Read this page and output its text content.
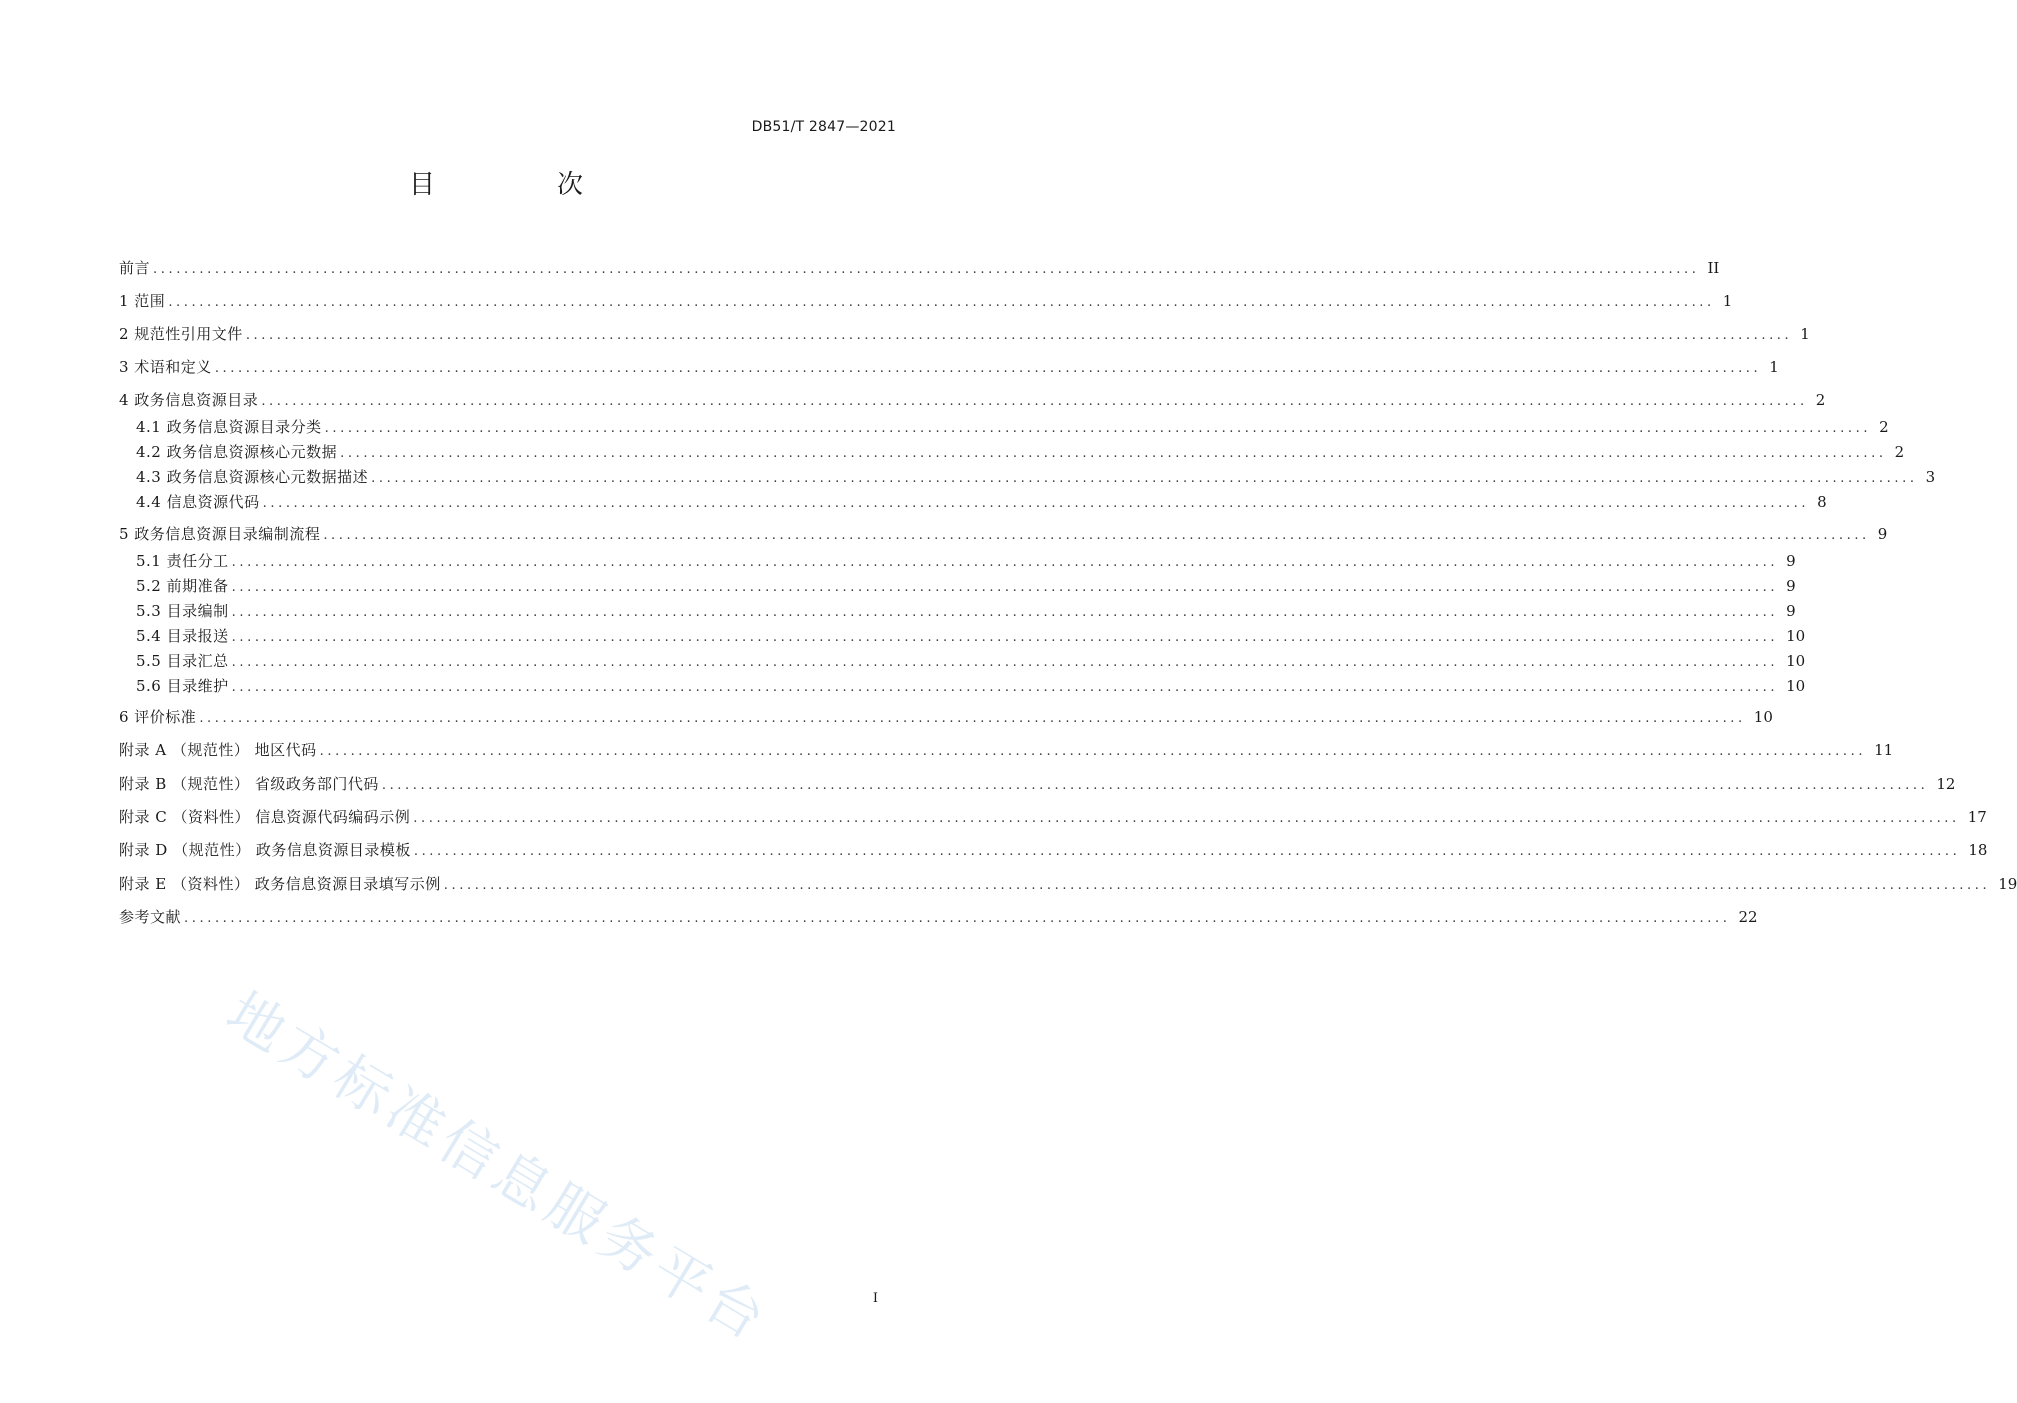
DB51/T 2847—2021
目　次
前言 ........................................................................................................................................................................................................ II
1 范围 ........................................................................................................................................................................................................ 1
2 规范性引用文件 ........................................................................................................................................................................................................ 1
3 术语和定义 ........................................................................................................................................................................................................ 1
4 政务信息资源目录 ........................................................................................................................................................................................................ 2
4.1 政务信息资源目录分类 ........................................................................................................................................................................................................ 2
4.2 政务信息资源核心元数据 ........................................................................................................................................................................................................ 2
4.3 政务信息资源核心元数据描述 ........................................................................................................................................................................................................ 3
4.4 信息资源代码 ........................................................................................................................................................................................................ 8
5 政务信息资源目录编制流程 ........................................................................................................................................................................................................ 9
5.1 责任分工 ........................................................................................................................................................................................................ 9
5.2 前期准备 ........................................................................................................................................................................................................ 9
5.3 目录编制 ........................................................................................................................................................................................................ 9
5.4 目录报送 ........................................................................................................................................................................................................ 10
5.5 目录汇总 ........................................................................................................................................................................................................ 10
5.6 目录维护 ........................................................................................................................................................................................................ 10
6 评价标准 ........................................................................................................................................................................................................ 10
附录 A （规范性） 地区代码 ........................................................................................................................................................................................................ 11
附录 B （规范性） 省级政务部门代码 ........................................................................................................................................................................................................ 12
附录 C （资料性） 信息资源代码编码示例 ........................................................................................................................................................................................................ 17
附录 D （规范性） 政务信息资源目录模板 ........................................................................................................................................................................................................ 18
附录 E （资料性） 政务信息资源目录填写示例 ........................................................................................................................................................................................................ 19
参考文献 ........................................................................................................................................................................................................ 22
I
地方标准信息服务平台
